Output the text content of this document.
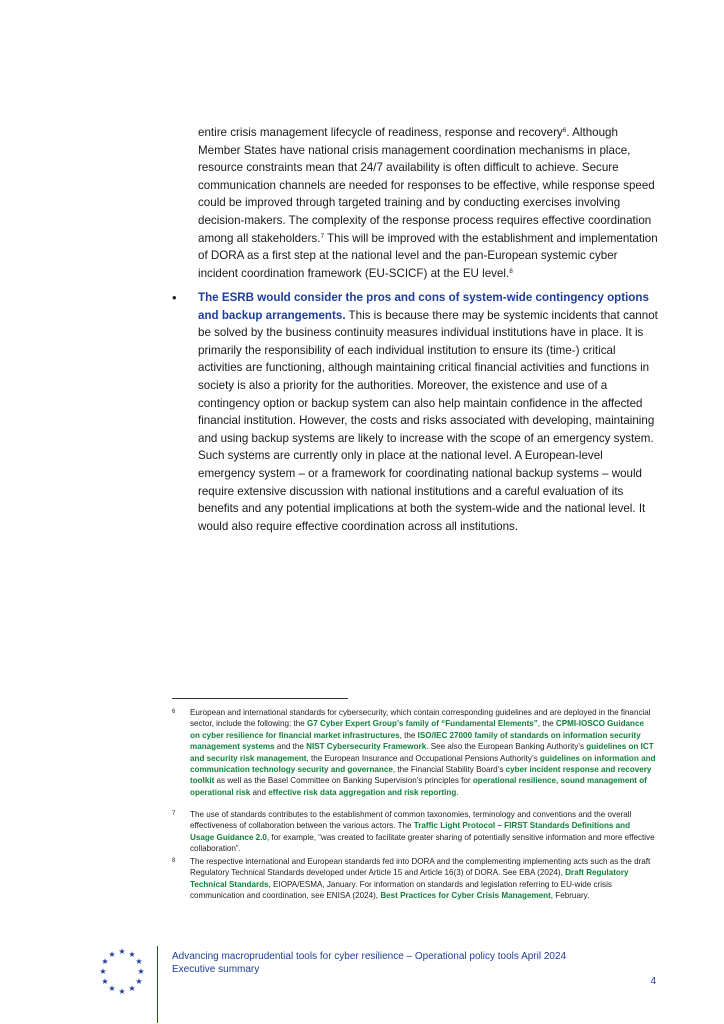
entire crisis management lifecycle of readiness, response and recovery$^6$. Although Member States have national crisis management coordination mechanisms in place, resource constraints mean that 24/7 availability is often difficult to achieve. Secure communication channels are needed for responses to be effective, while response speed could be improved through targeted training and by conducting exercises involving decision-makers. The complexity of the response process requires effective coordination among all stakeholders.$^7$ This will be improved with the establishment and implementation of DORA as a first step at the national level and the pan-European systemic cyber incident coordination framework (EU-SCICF) at the EU level.$^8$
• The ESRB would consider the pros and cons of system-wide contingency options and backup arrangements. This is because there may be systemic incidents that cannot be solved by the business continuity measures individual institutions have in place. It is primarily the responsibility of each individual institution to ensure its (time-) critical activities are functioning, although maintaining critical financial activities and functions in society is also a priority for the authorities. Moreover, the existence and use of a contingency option or backup system can also help maintain confidence in the affected financial institution. However, the costs and risks associated with developing, maintaining and using backup systems are likely to increase with the scope of an emergency system. Such systems are currently only in place at the national level. A European-level emergency system – or a framework for coordinating national backup systems – would require extensive discussion with national institutions and a careful evaluation of its benefits and any potential implications at both the system-wide and the national level. It would also require effective coordination across all institutions.
6 European and international standards for cybersecurity, which contain corresponding guidelines and are deployed in the financial sector, include the following: the G7 Cyber Expert Group’s family of “Fundamental Elements”, the CPMI-IOSCO Guidance on cyber resilience for financial market infrastructures, the ISO/IEC 27000 family of standards on information security management systems and the NIST Cybersecurity Framework. See also the European Banking Authority’s guidelines on ICT and security risk management, the European Insurance and Occupational Pensions Authority’s guidelines on information and communication technology security and governance, the Financial Stability Board’s cyber incident response and recovery toolkit as well as the Basel Committee on Banking Supervision’s principles for operational resilience, sound management of operational risk and effective risk data aggregation and risk reporting.
7 The use of standards contributes to the establishment of common taxonomies, terminology and conventions and the overall effectiveness of collaboration between the various actors. The Traffic Light Protocol – FIRST Standards Definitions and Usage Guidance 2.0, for example, “was created to facilitate greater sharing of potentially sensitive information and more effective collaboration”.
8 The respective international and European standards fed into DORA and the complementing implementing acts such as the draft Regulatory Technical Standards developed under Article 15 and Article 16(3) of DORA. See EBA (2024), Draft Regulatory Technical Standards, EIOPA/ESMA, January. For information on standards and legislation referring to EU-wide crisis communication and coordination, see ENISA (2024), Best Practices for Cyber Crisis Management, February.
★ ★
★
★
★
★
★
★
★
★
★
★	Advancing macroprudential tools for cyber resilience – Operational policy tools April 2024
Executive summary
4
